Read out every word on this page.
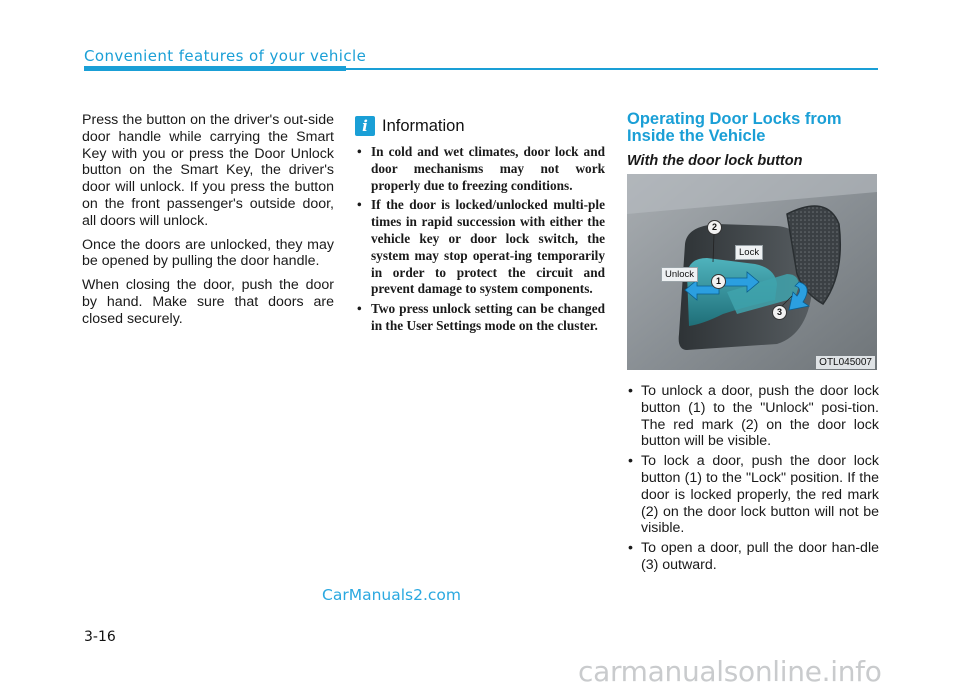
Convenient features of your vehicle

Press the button on the driver's out-side door handle while carrying the Smart Key with you or press the Door Unlock button on the Smart Key, the driver's door will unlock. If you press the button on the front passenger's outside door, all doors will unlock.

Once the doors are unlocked, they may be opened by pulling the door handle.

When closing the door, push the door by hand. Make sure that doors are closed securely.

i Information
• In cold and wet climates, door lock and door mechanisms may not work properly due to freezing conditions.
• If the door is locked/unlocked multi-ple times in rapid succession with either the vehicle key or door lock switch, the system may stop operat-ing temporarily in order to protect the circuit and prevent damage to system components.
• Two press unlock setting can be changed in the User Settings mode on the cluster.
Operating Door Locks from Inside the Vehicle
With the door lock button
2
Lock
Unlock
1
3
OTL045007
• To unlock a door, push the door lock button (1) to the "Unlock" posi-tion. The red mark (2) on the door lock button will be visible.
• To lock a door, push the door lock button (1) to the "Lock" position. If the door is locked properly, the red mark (2) on the door lock button will not be visible.
• To open a door, pull the door han-dle (3) outward.
CarManuals2.com
3-16
carmanualsonline.info
